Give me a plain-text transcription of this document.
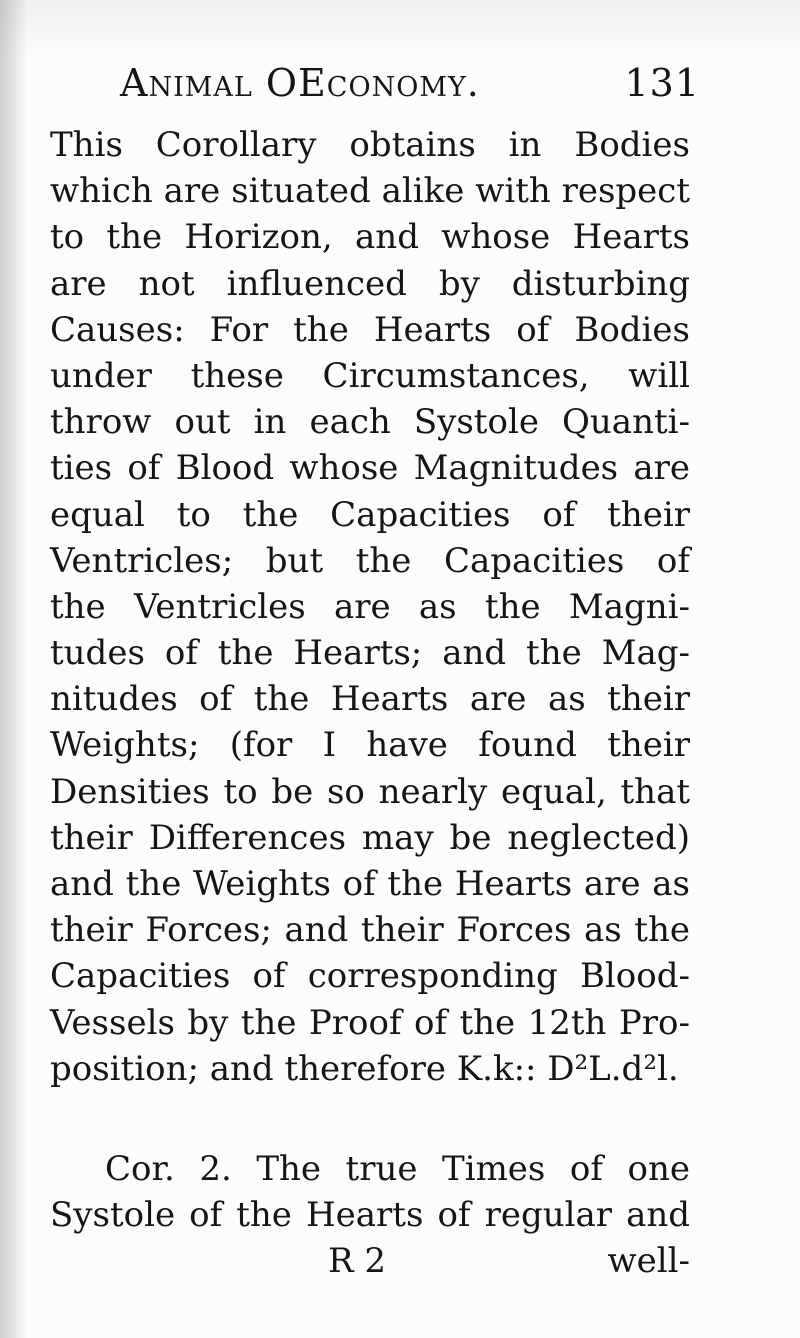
Animal OEconomy.	131
This Corollary obtains in Bodies
which are situated alike with respect
to the Horizon, and whose Hearts
are not influenced by disturbing
Causes: For the Hearts of Bodies
under these Circumstances, will
throw out in each Systole Quanti-
ties of Blood whose Magnitudes are
equal to the Capacities of their
Ventricles; but the Capacities of
the Ventricles are as the Magni-
tudes of the Hearts; and the Mag-
nitudes of the Hearts are as their
Weights; (for I have found their
Densities to be so nearly equal, that
their Differences may be neglected)
and the Weights of the Hearts are as
their Forces; and their Forces as the
Capacities of corresponding Blood-
Vessels by the Proof of the 12th Pro-
position; and therefore K.k:: D²L.d²l.
Cor. 2. The true Times of one
Systole of the Hearts of regular and
R 2	well-
